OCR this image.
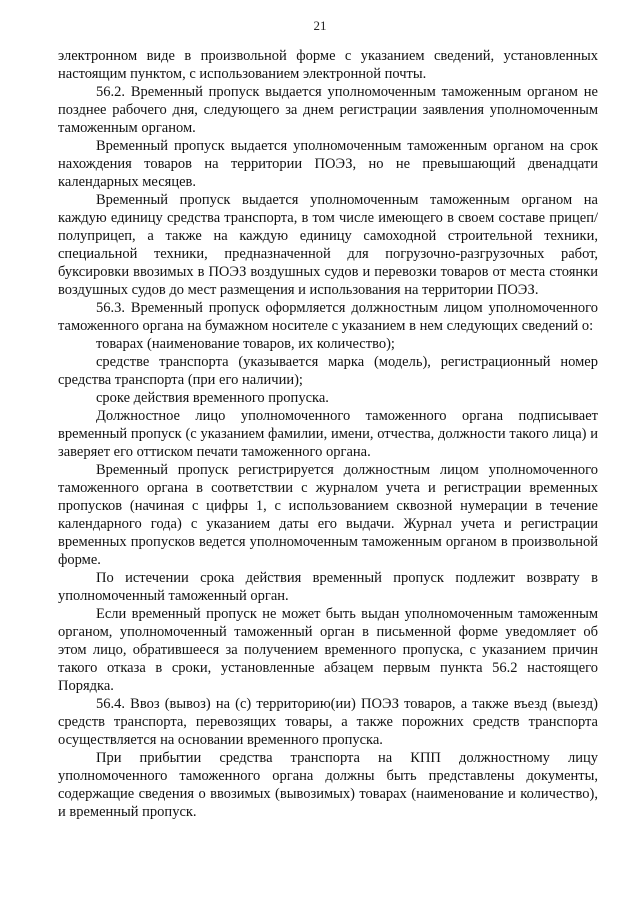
21

электронном виде в произвольной форме с указанием сведений, установленных настоящим пунктом, с использованием электронной почты.

56.2. Временный пропуск выдается уполномоченным таможенным органом не позднее рабочего дня, следующего за днем регистрации заявления уполномоченным таможенным органом.

Временный пропуск выдается уполномоченным таможенным органом на срок нахождения товаров на территории ПОЭЗ, но не превышающий двенадцати календарных месяцев.

Временный пропуск выдается уполномоченным таможенным органом на каждую единицу средства транспорта, в том числе имеющего в своем составе прицеп/полуприцеп, а также на каждую единицу самоходной строительной техники, специальной техники, предназначенной для погрузочно-разгрузочных работ, буксировки ввозимых в ПОЭЗ воздушных судов и перевозки товаров от места стоянки воздушных судов до мест размещения и использования на территории ПОЭЗ.

56.3. Временный пропуск оформляется должностным лицом уполномоченного таможенного органа на бумажном носителе с указанием в нем следующих сведений о:

товарах (наименование товаров, их количество);

средстве транспорта (указывается марка (модель), регистрационный номер средства транспорта (при его наличии);

сроке действия временного пропуска.

Должностное лицо уполномоченного таможенного органа подписывает временный пропуск (с указанием фамилии, имени, отчества, должности такого лица) и заверяет его оттиском печати таможенного органа.

Временный пропуск регистрируется должностным лицом уполномоченного таможенного органа в соответствии с журналом учета и регистрации временных пропусков (начиная с цифры 1, с использованием сквозной нумерации в течение календарного года) с указанием даты его выдачи. Журнал учета и регистрации временных пропусков ведется уполномоченным таможенным органом в произвольной форме.

По истечении срока действия временный пропуск подлежит возврату в уполномоченный таможенный орган.

Если временный пропуск не может быть выдан уполномоченным таможенным органом, уполномоченный таможенный орган в письменной форме уведомляет об этом лицо, обратившееся за получением временного пропуска, с указанием причин такого отказа в сроки, установленные абзацем первым пункта 56.2 настоящего Порядка.

56.4. Ввоз (вывоз) на (с) территорию(ии) ПОЭЗ товаров, а также въезд (выезд) средств транспорта, перевозящих товары, а также порожних средств транспорта осуществляется на основании временного пропуска.

При прибытии средства транспорта на КПП должностному лицу уполномоченного таможенного органа должны быть представлены документы, содержащие сведения о ввозимых (вывозимых) товарах (наименование и количество), и временный пропуск.
